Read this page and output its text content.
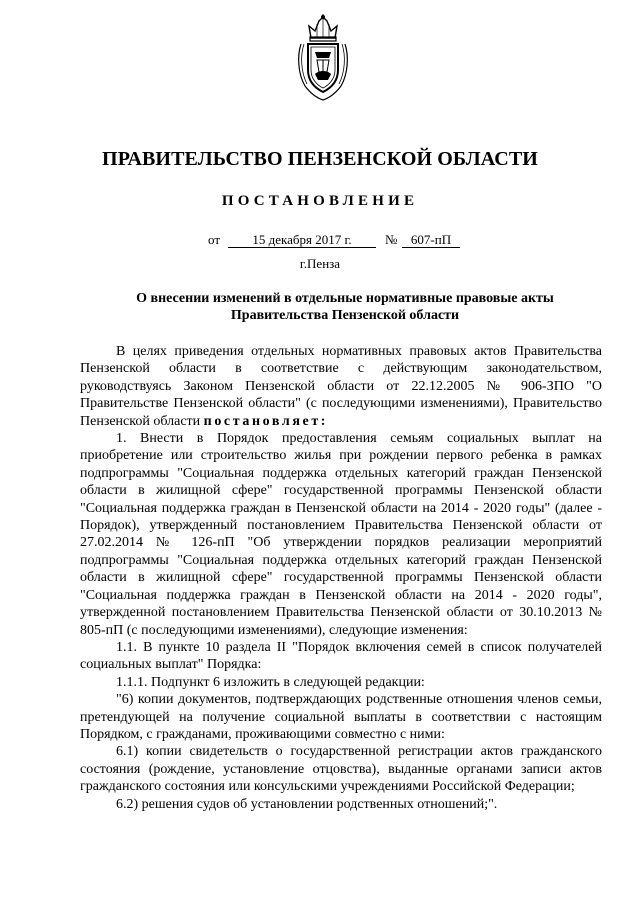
ПРАВИТЕЛЬСТВО ПЕНЗЕНСКОЙ ОБЛАСТИ
ПОСТАНОВЛЕНИЕ
от	15 декабря 2017 г.	№	607-пП
г.Пенза
О внесении изменений в отдельные нормативные правовые акты
Правительства Пензенской области

В целях приведения отдельных нормативных правовых актов Правительства Пензенской области в соответствие с действующим законодательством, руководствуясь Законом Пензенской области от 22.12.2005 № 906-ЗПО "О Правительстве Пензенской области" (с последующими изменениями), Правительство Пензенской области постановляет:

1. Внести в Порядок предоставления семьям социальных выплат на приобретение или строительство жилья при рождении первого ребенка в рамках подпрограммы "Социальная поддержка отдельных категорий граждан Пензенской области в жилищной сфере" государственной программы Пензенской области "Социальная поддержка граждан в Пензенской области на 2014 - 2020 годы" (далее - Порядок), утвержденный постановлением Правительства Пензенской области от 27.02.2014 № 126-пП "Об утверждении порядков реализации мероприятий подпрограммы "Социальная поддержка отдельных категорий граждан Пензенской области в жилищной сфере" государственной программы Пензенской области "Социальная поддержка граждан в Пензенской области на 2014 - 2020 годы", утвержденной постановлением Правительства Пензенской области от 30.10.2013 № 805-пП (с последующими изменениями), следующие изменения:

1.1. В пункте 10 раздела II "Порядок включения семей в список получателей социальных выплат" Порядка:

1.1.1. Подпункт 6 изложить в следующей редакции:

"6) копии документов, подтверждающих родственные отношения членов семьи, претендующей на получение социальной выплаты в соответствии с настоящим Порядком, с гражданами, проживающими совместно с ними:

6.1) копии свидетельств о государственной регистрации актов гражданского состояния (рождение, установление отцовства), выданные органами записи актов гражданского состояния или консульскими учреждениями Российской Федерации;

6.2) решения судов об установлении родственных отношений;".
